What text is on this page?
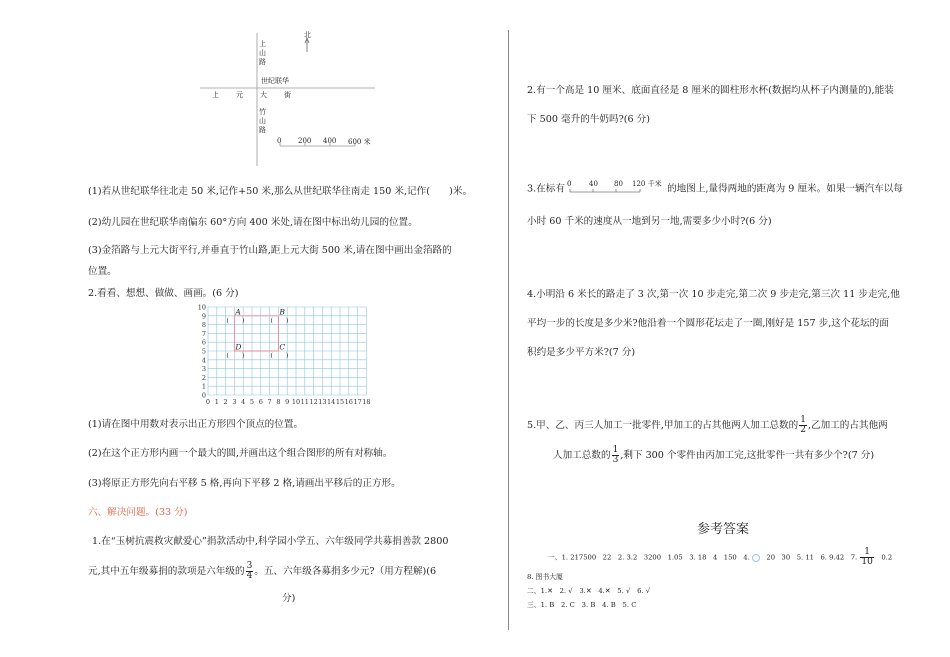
北
上山路
世纪联华
上 元 大 街
竹山路
0 200 400 600 米
(1)若从世纪联华往北走 50 米,记作+50 米,那么从世纪联华往南走 150 米,记作(　　)米。
(2)幼儿园在世纪联华南偏东 60°方向 400 米处,请在图中标出幼儿园的位置。
(3)金箔路与上元大街平行,并垂直于竹山路,距上元大街 500 米,请在图中画出金箔路的
位置。
2.看看、想想、做做、画画。(6 分)
0 1 2 3 4 5 6 7 8 9 10 11 12 13 14 15 16 17 18
0
1
2
3
4
5
6
7
8
9
10	A
(　　)
B
(　　)
D
(　　)
C
(　　)
(1)请在图中用数对表示出正方形四个顶点的位置。
(2)在这个正方形内画一个最大的圆,并画出这个组合图形的所有对称轴。
(3)将原正方形先向右平移 5 格,再向下平移 2 格,请画出平移后的正方形。
六、解决问题。(33 分)
1.在“玉树抗震救灾献爱心”捐款活动中,科学园小学五、六年级同学共募捐善款 2800
元,其中五年级募捐的款项是六年级的 $\frac{3}{4}$ 。五、六年级各募捐多少元?（用方程解)(6
分)
2.有一个高是 10 厘米、底面直径是 8 厘米的圆柱形水杯(数据均从杯子内测量的),能装
下 500 毫升的牛奶吗?(6 分)
3.在标有 0	40 80 120 千米 的地图上,量得两地的距离为 9 厘米。如果一辆汽车以每
小时 60 千米的速度从一地到另一地,需要多少小时?(6 分)
4.小明沿 6 米长的路走了 3 次,第一次 10 步走完,第二次 9 步走完,第三次 11 步走完,他
平均一步的长度是多少米?他沿着一个圆形花坛走了一圈,刚好是 157 步,这个花坛的面
积约是多少平方米?(7 分)
5.甲、乙、丙三人加工一批零件,甲加工的占其他两人加工总数的 $\frac{1}{2}$ ,乙加工的占其他两
人加工总数的 $\frac{1}{3}$ ,剩下 300 个零件由丙加工完,这批零件一共有多少个?(7 分)
参考答案
一、1. 217500 22 2. 3.2 3200 1.05 3. 18 4 150 4. 20 30 5. 11 6. 9.42 7. $\frac{1}{10} 0.2$
8. 图书大厦
二、1.✕　2. √　3.✕　4.✕　5. √　6. √
三、1. B　2. C　3. B　4. B　5. C
